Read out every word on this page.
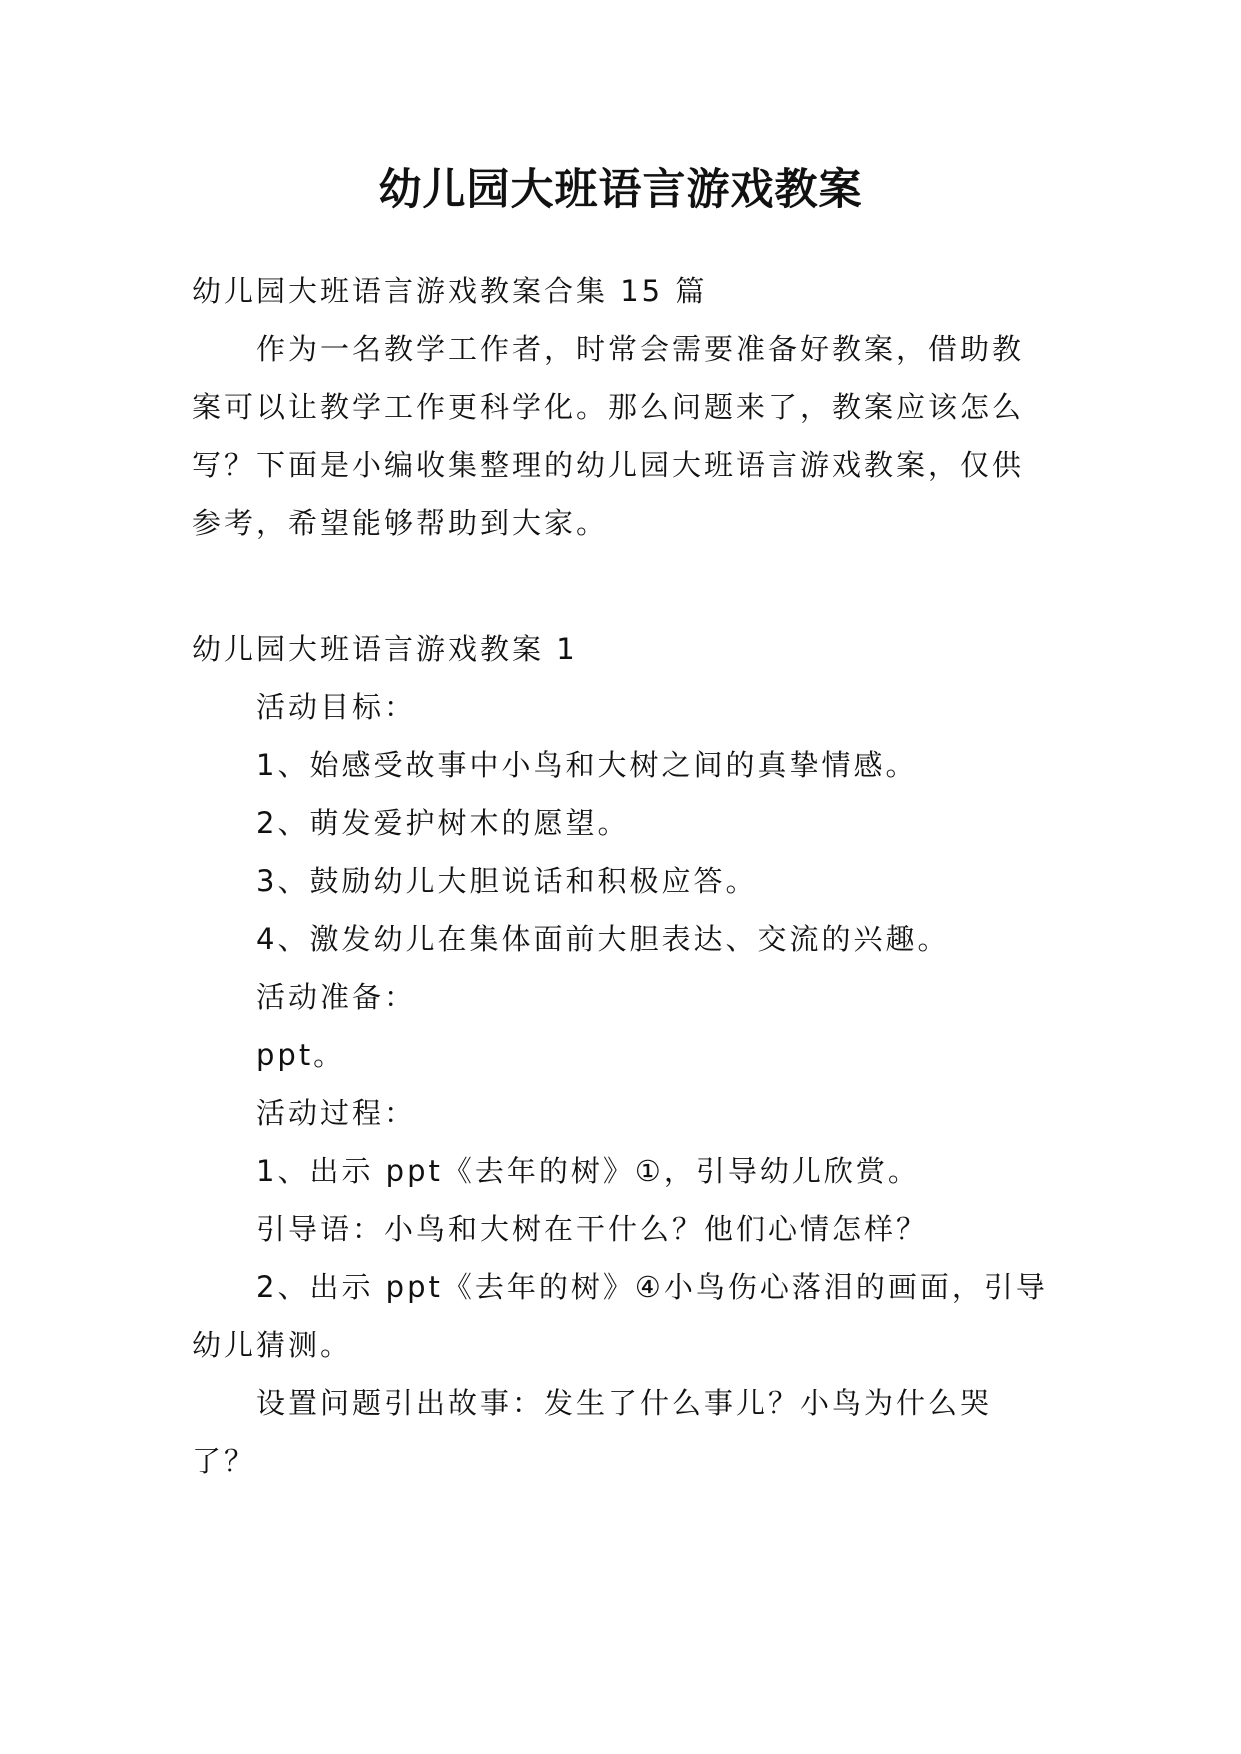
幼儿园大班语言游戏教案
幼儿园大班语言游戏教案合集 15 篇
作为一名教学工作者，时常会需要准备好教案，借助教
案可以让教学工作更科学化。那么问题来了，教案应该怎么
写？下面是小编收集整理的幼儿园大班语言游戏教案，仅供
参考，希望能够帮助到大家。
幼儿园大班语言游戏教案 1
活动目标：
1、始感受故事中小鸟和大树之间的真挚情感。
2、萌发爱护树木的愿望。
3、鼓励幼儿大胆说话和积极应答。
4、激发幼儿在集体面前大胆表达、交流的兴趣。
活动准备：
ppt。
活动过程：
1、出示 ppt《去年的树》①，引导幼儿欣赏。
引导语：小鸟和大树在干什么？他们心情怎样？
2、出示 ppt《去年的树》④小鸟伤心落泪的画面，引导
幼儿猜测。
设置问题引出故事：发生了什么事儿？小鸟为什么哭
了？
